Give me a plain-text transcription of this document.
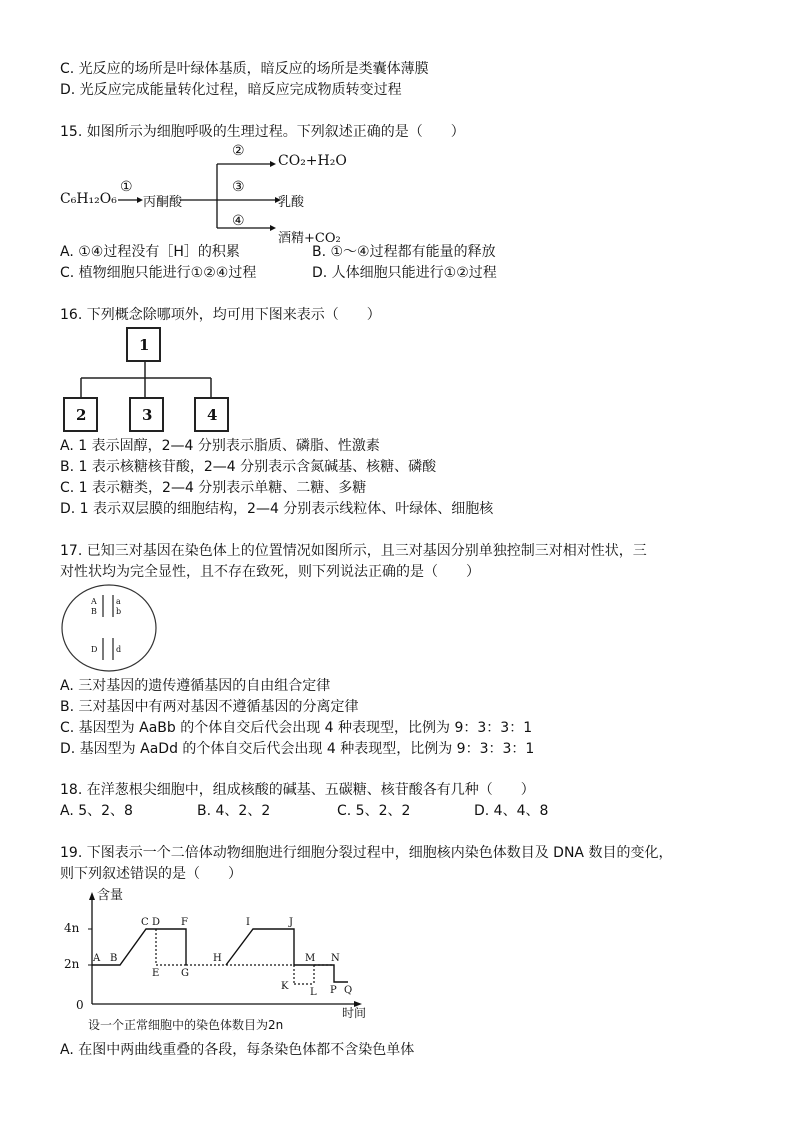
C. 光反应的场所是叶绿体基质，暗反应的场所是类囊体薄膜
D. 光反应完成能量转化过程，暗反应完成物质转变过程
15. 如图所示为细胞呼吸的生理过程。下列叙述正确的是（　　）
C₆H₁₂O₆
①
丙酮酸
②
CO₂+H₂O
③
乳酸
④
酒精+CO₂
A. ①④过程没有［H］的积累	B. ①～④过程都有能量的释放
C. 植物细胞只能进行①②④过程	D. 人体细胞只能进行①②过程
16. 下列概念除哪项外，均可用下图来表示（　　）
1
2	3	4
A. 1 表示固醇，2—4 分别表示脂质、磷脂、性激素
B. 1 表示核糖核苷酸，2—4 分别表示含氮碱基、核糖、磷酸
C. 1 表示糖类，2—4 分别表示单糖、二糖、多糖
D. 1 表示双层膜的细胞结构，2—4 分别表示线粒体、叶绿体、细胞核
17. 已知三对基因在染色体上的位置情况如图所示，且三对基因分别单独控制三对相对性状，三
对性状均为完全显性，且不存在致死，则下列说法正确的是（　　）
A a
B b
D d
A. 三对基因的遗传遵循基因的自由组合定律
B. 三对基因中有两对基因不遵循基因的分离定律
C. 基因型为 AaBb 的个体自交后代会出现 4 种表现型，比例为 9：3：3：1
D. 基因型为 AaDd 的个体自交后代会出现 4 种表现型，比例为 9：3：3：1
18. 在洋葱根尖细胞中，组成核酸的碱基、五碳糖、核苷酸各有几种（　　）
A. 5、2、8	B. 4、2、2	C. 5、2、2	D. 4、4、8
19. 下图表示一个二倍体动物细胞进行细胞分裂过程中，细胞核内染色体数目及 DNA 数目的变化，
则下列叙述错误的是（　　）
含量
4n
2n
0
时间
A B
C D
E
F
G
H
I	J
K
L
M N
P Q
设一个正常细胞中的染色体数目为2n
A. 在图中两曲线重叠的各段，每条染色体都不含染色单体
